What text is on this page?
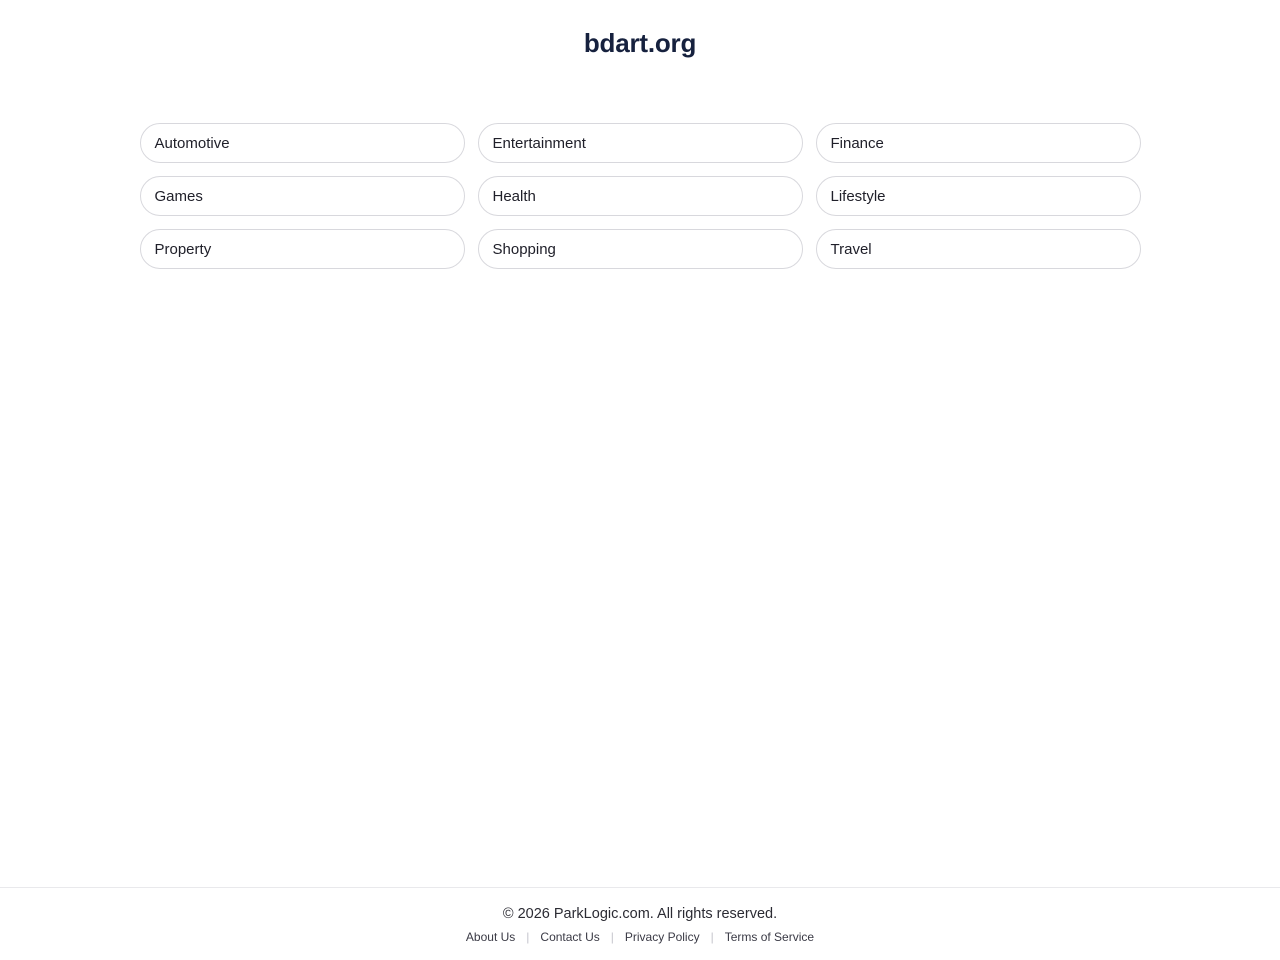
bdart.org
Automotive	Entertainment	Finance
Games	Health	Lifestyle
Property	Shopping	Travel

© 2026 ParkLogic.com. All rights reserved.

About Us | Contact Us | Privacy Policy | Terms of Service
